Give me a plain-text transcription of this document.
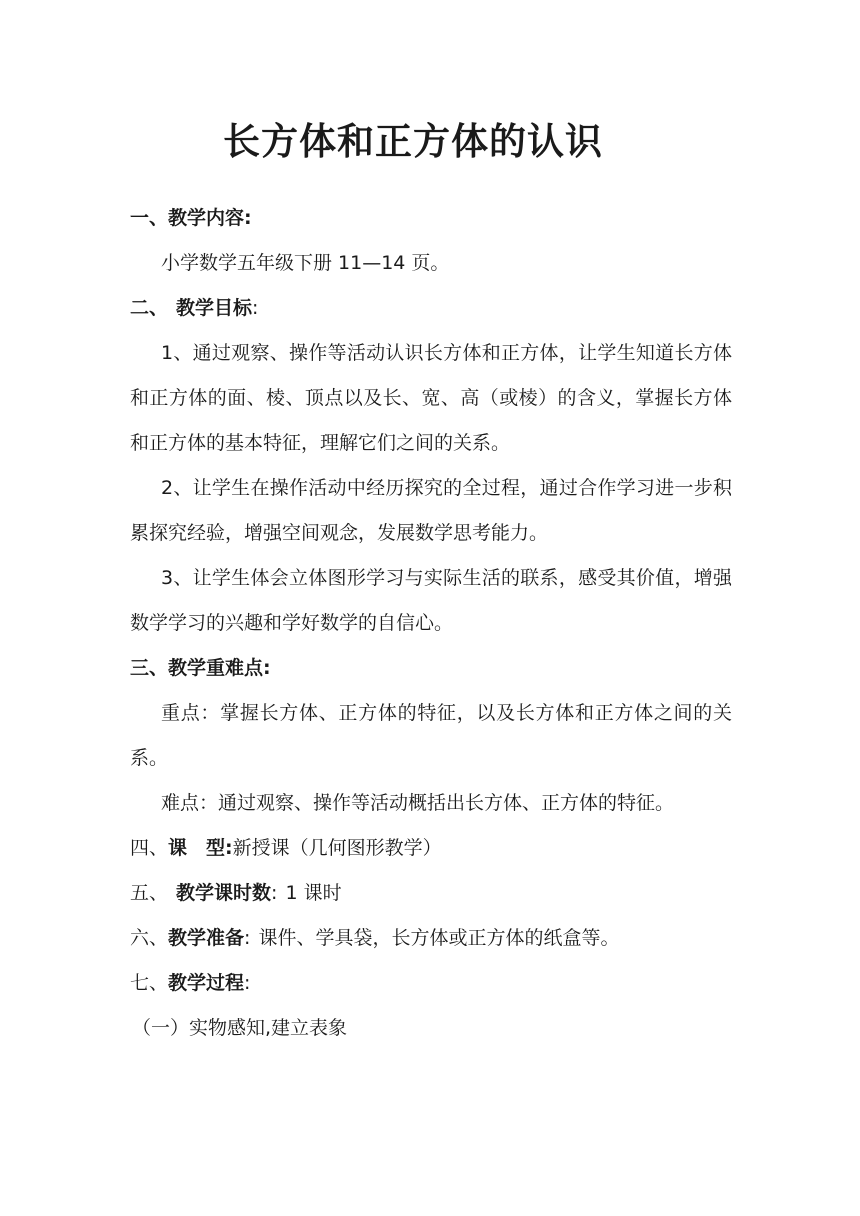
长方体和正方体的认识

一、教学内容:

小学数学五年级下册 11—14 页。

二、 教学目标:

1、通过观察、操作等活动认识长方体和正方体，让学生知道长方体和正方体的面、棱、顶点以及长、宽、高（或棱）的含义，掌握长方体和正方体的基本特征，理解它们之间的关系。

2、让学生在操作活动中经历探究的全过程，通过合作学习进一步积累探究经验，增强空间观念，发展数学思考能力。

3、让学生体会立体图形学习与实际生活的联系，感受其价值，增强数学学习的兴趣和学好数学的自信心。

三、教学重难点:

重点：掌握长方体、正方体的特征，以及长方体和正方体之间的关系。

难点：通过观察、操作等活动概括出长方体、正方体的特征。

四、课　型:新授课（几何图形教学）

五、 教学课时数: 1 课时

六、教学准备: 课件、学具袋，长方体或正方体的纸盒等。

七、教学过程:

（一）实物感知,建立表象
